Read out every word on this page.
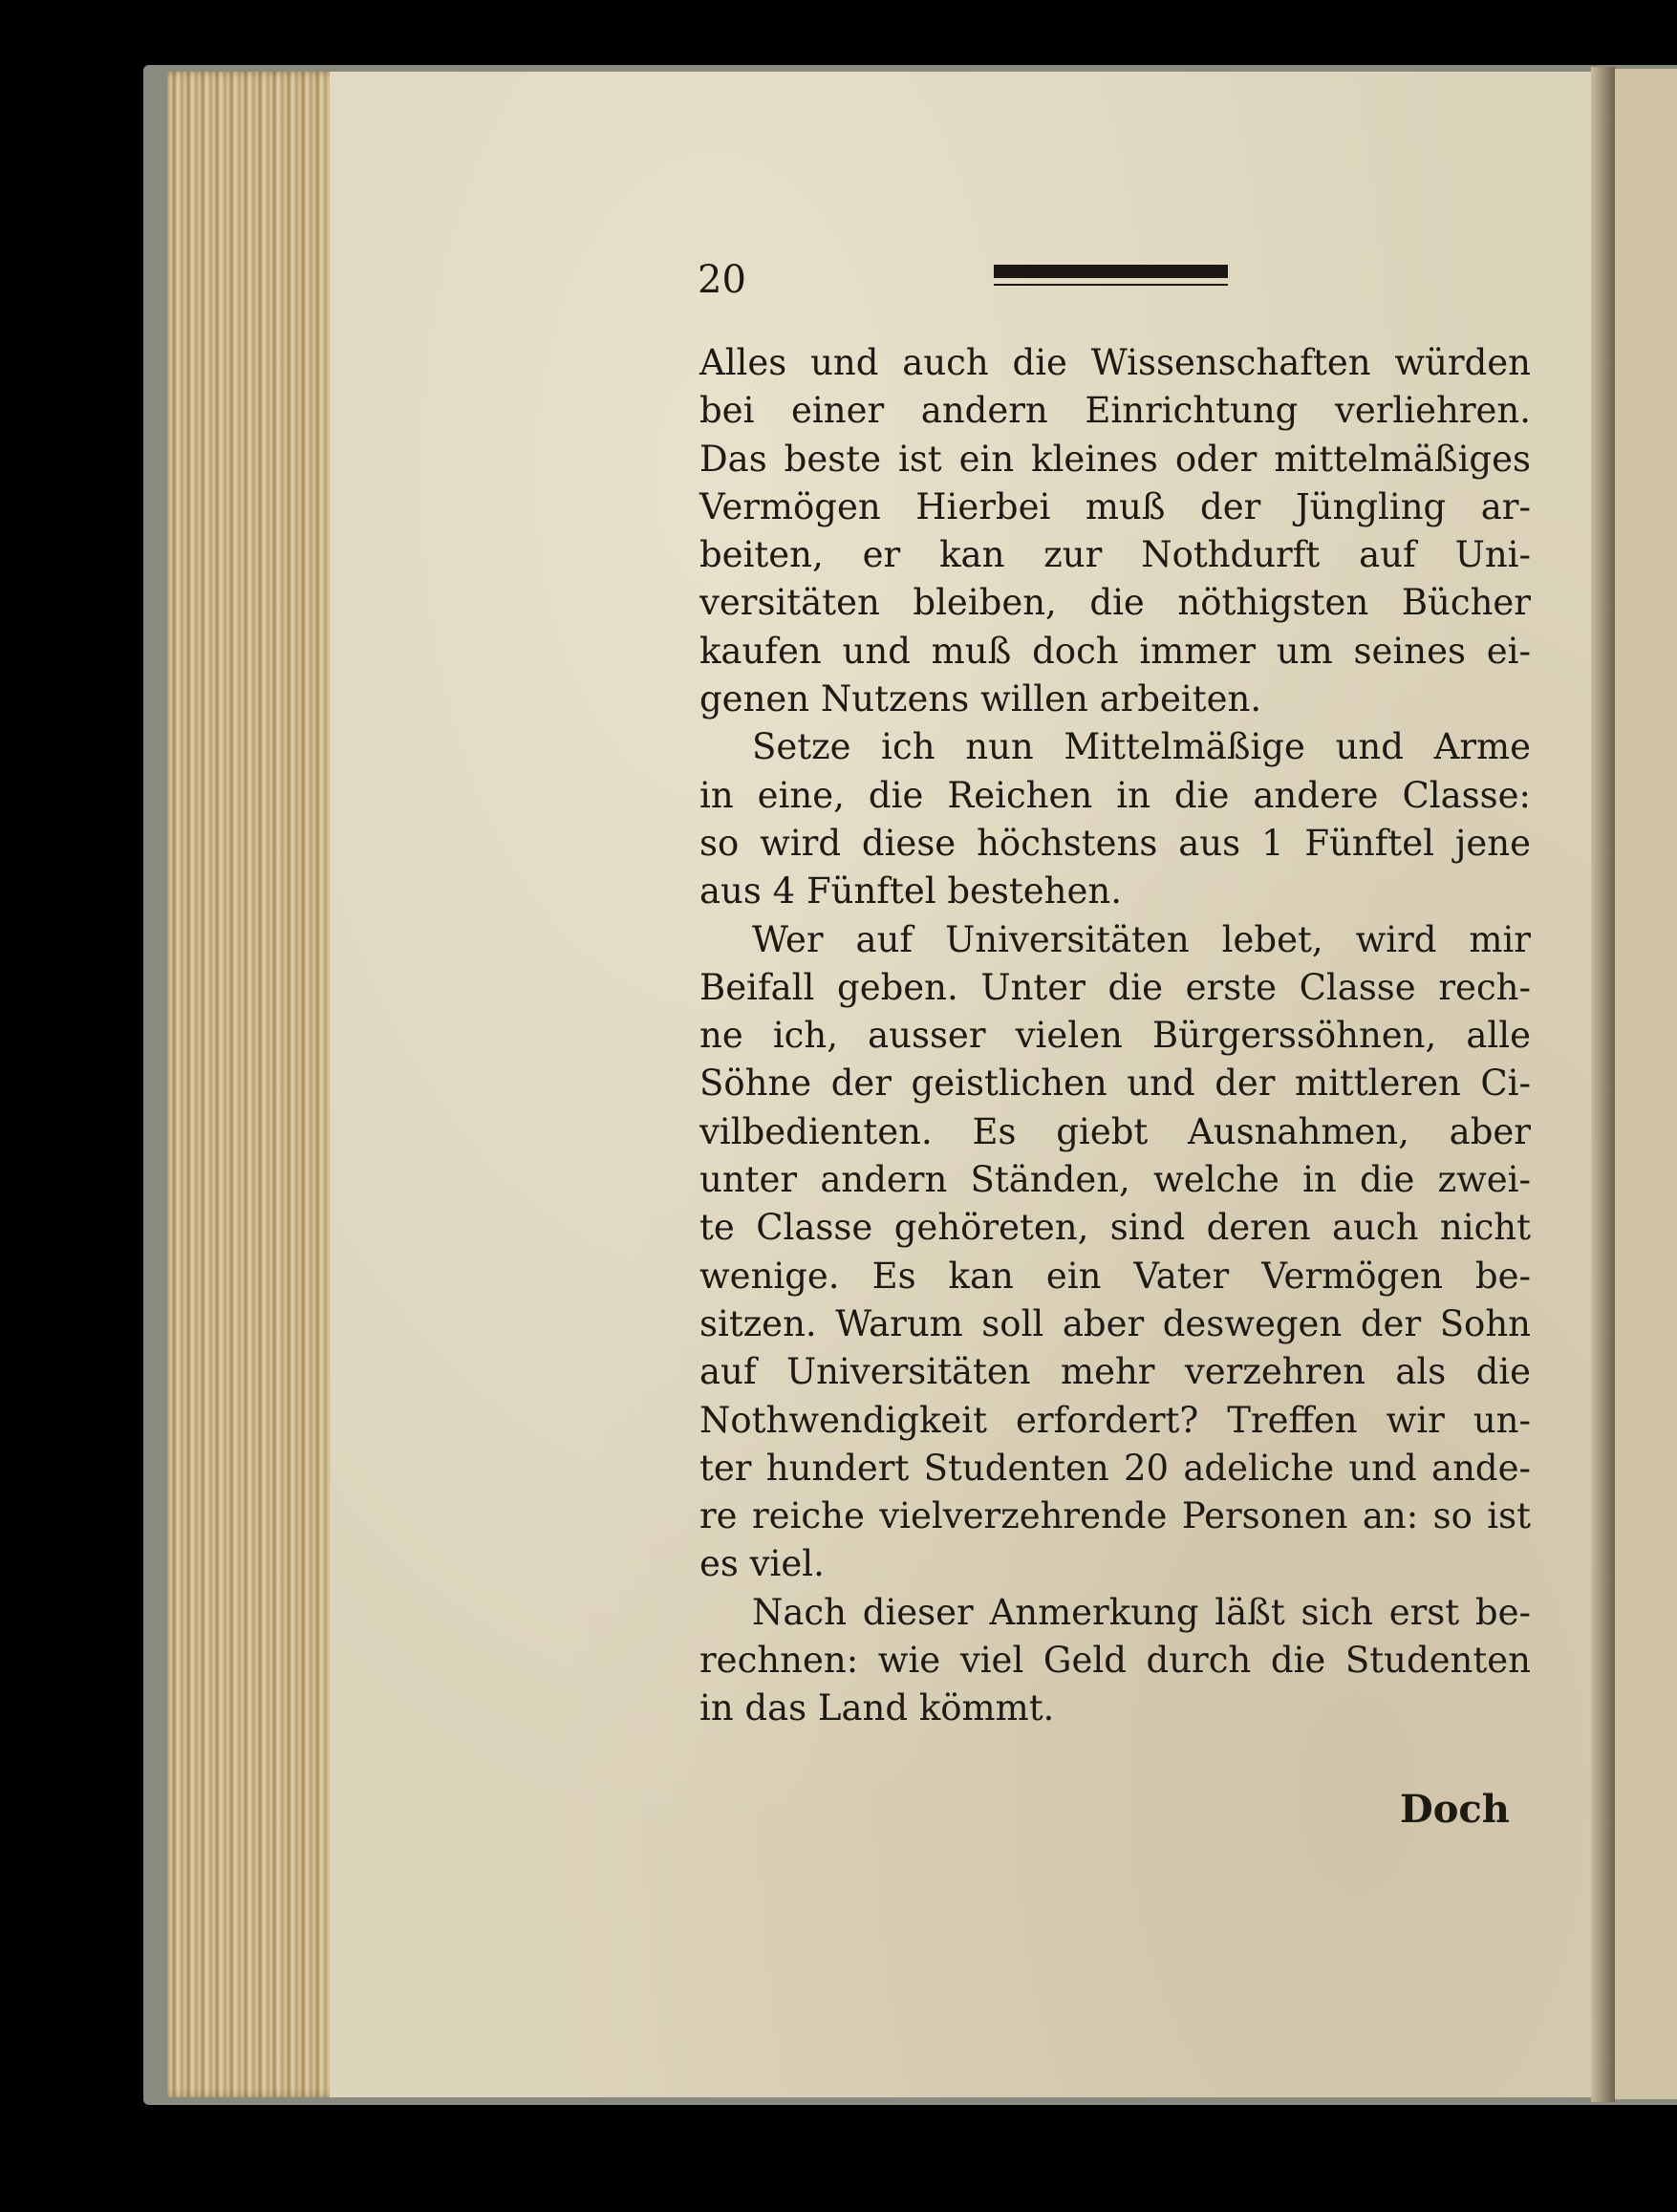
20
Alles und auch die Wissenschaften würden
bei einer andern Einrichtung verliehren.
Das beste ist ein kleines oder mittelmäßiges
Vermögen Hierbei muß der Jüngling ar-
beiten, er kan zur Nothdurft auf Uni-
versitäten bleiben, die nöthigsten Bücher
kaufen und muß doch immer um seines ei-
genen Nutzens willen arbeiten.
Setze ich nun Mittelmäßige und Arme
in eine, die Reichen in die andere Classe:
so wird diese höchstens aus 1 Fünftel jene
aus 4 Fünftel bestehen.
Wer auf Universitäten lebet, wird mir
Beifall geben. Unter die erste Classe rech-
ne ich, ausser vielen Bürgerssöhnen, alle
Söhne der geistlichen und der mittleren Ci-
vilbedienten. Es giebt Ausnahmen, aber
unter andern Ständen, welche in die zwei-
te Classe gehöreten, sind deren auch nicht
wenige. Es kan ein Vater Vermögen be-
sitzen. Warum soll aber deswegen der Sohn
auf Universitäten mehr verzehren als die
Nothwendigkeit erfordert? Treffen wir un-
ter hundert Studenten 20 adeliche und ande-
re reiche vielverzehrende Personen an: so ist
es viel.
Nach dieser Anmerkung läßt sich erst be-
rechnen: wie viel Geld durch die Studenten
in das Land kömmt.
Doch
